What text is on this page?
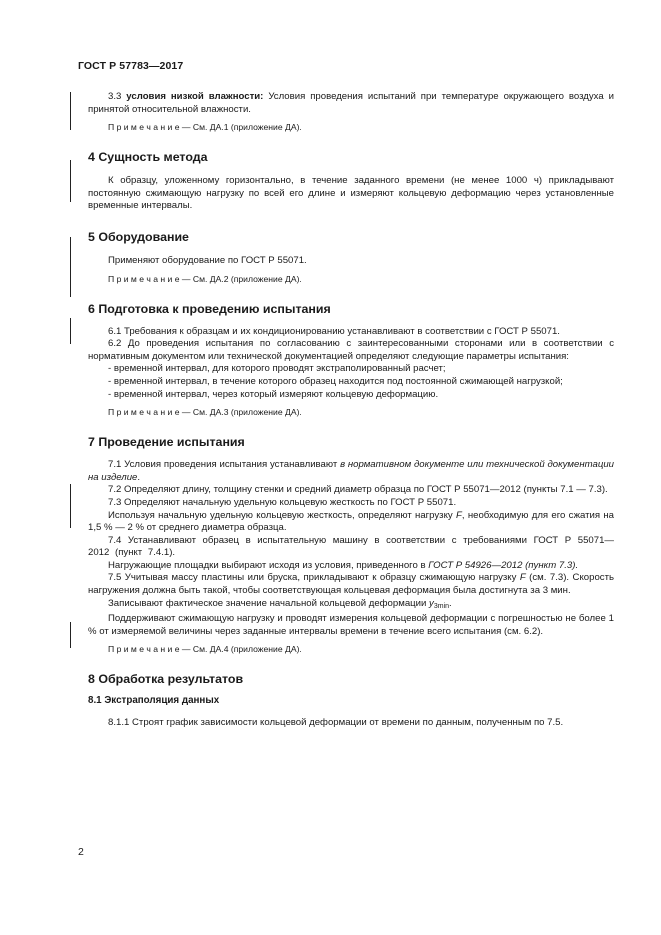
ГОСТ Р 57783—2017

3.3 условия низкой влажности: Условия проведения испытаний при температуре окружающего воздуха и принятой относительной влажности.

П р и м е ч а н и е — См. ДА.1 (приложение ДА).

4 Сущность метода

К образцу, уложенному горизонтально, в течение заданного времени (не менее 1000 ч) прикладывают постоянную сжимающую нагрузку по всей его длине и измеряют кольцевую деформацию через установленные временные интервалы.

5 Оборудование

Применяют оборудование по ГОСТ Р 55071.

П р и м е ч а н и е — См. ДА.2 (приложение ДА).

6 Подготовка к проведению испытания

6.1 Требования к образцам и их кондиционированию устанавливают в соответствии с ГОСТ Р 55071.

6.2 До проведения испытания по согласованию с заинтересованными сторонами или в соответствии с нормативным документом или технической документацией определяют следующие параметры испытания:

- временной интервал, для которого проводят экстраполированный расчет;

- временной интервал, в течение которого образец находится под постоянной сжимающей нагрузкой;

- временной интервал, через который измеряют кольцевую деформацию.

П р и м е ч а н и е — См. ДА.3 (приложение ДА).

7 Проведение испытания

7.1 Условия проведения испытания устанавливают в нормативном документе или технической документации на изделие.

7.2 Определяют длину, толщину стенки и средний диаметр образца по ГОСТ Р 55071—2012 (пункты 7.1 — 7.3).

7.3 Определяют начальную удельную кольцевую жесткость по ГОСТ Р 55071.

Используя начальную удельную кольцевую жесткость, определяют нагрузку F, необходимую для его сжатия на 1,5 % — 2 % от среднего диаметра образца.

7.4 Устанавливают образец в испытательную машину в соответствии с требованиями ГОСТ Р 55071—2012 (пункт 7.4.1).

Нагружающие площадки выбирают исходя из условия, приведенного в ГОСТ Р 54926—2012 (пункт 7.3).

7.5 Учитывая массу пластины или бруска, прикладывают к образцу сжимающую нагрузку F (см. 7.3). Скорость нагружения должна быть такой, чтобы соответствующая кольцевая деформация была достигнута за 3 мин.

Записывают фактическое значение начальной кольцевой деформации $y_{3min}$.

Поддерживают сжимающую нагрузку и проводят измерения кольцевой деформации с погрешностью не более 1 % от измеряемой величины через заданные интервалы времени в течение всего испытания (см. 6.2).

П р и м е ч а н и е — См. ДА.4 (приложение ДА).

8 Обработка результатов
8.1 Экстраполяция данных

8.1.1 Строят график зависимости кольцевой деформации от времени по данным, полученным по 7.5.

2
